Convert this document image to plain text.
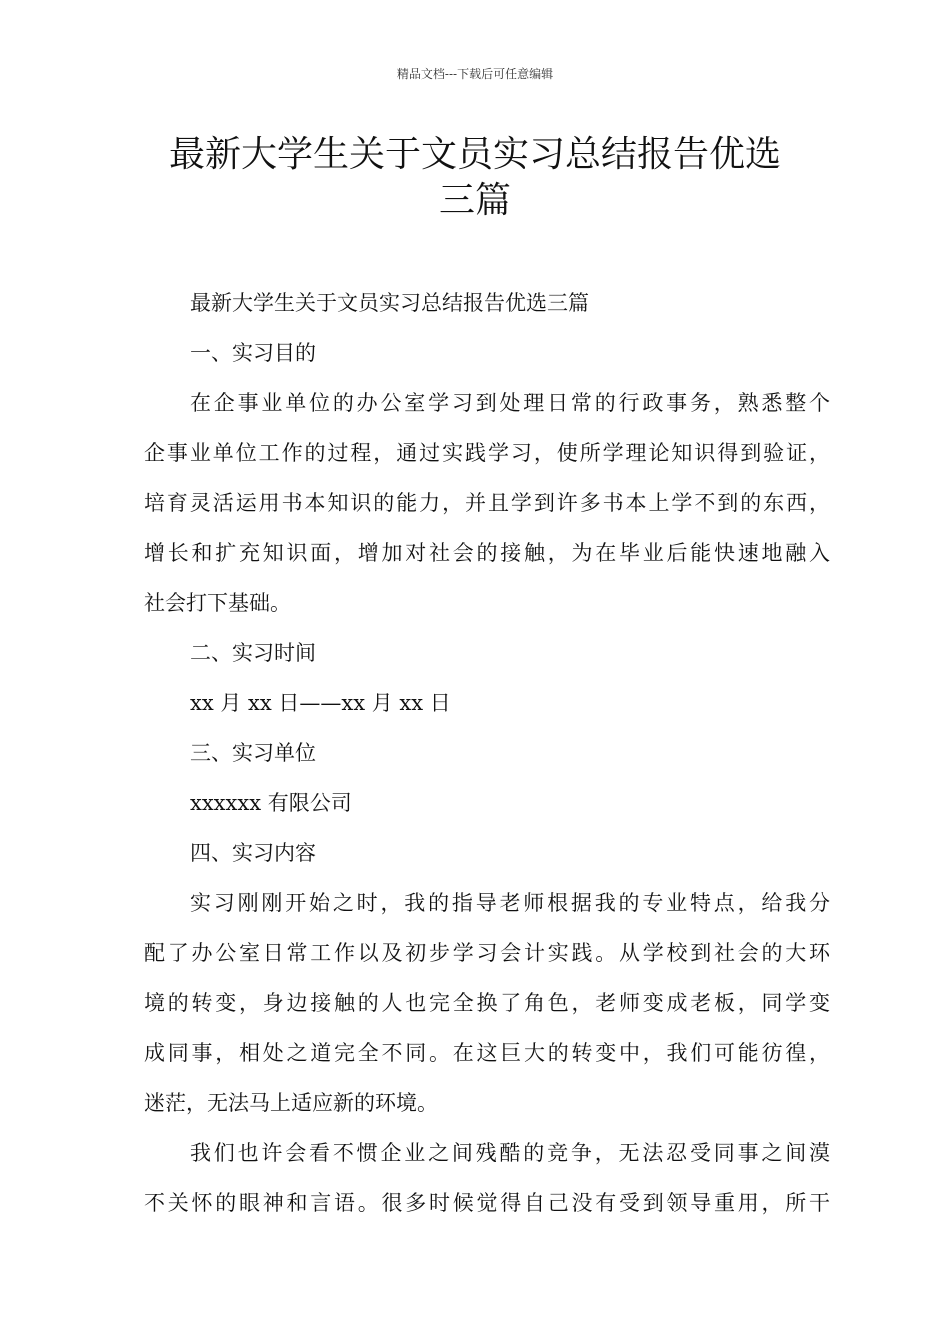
精品文档---下载后可任意编辑
最新大学生关于文员实习总结报告优选
三篇

最新大学生关于文员实习总结报告优选三篇

一、实习目的

在企事业单位的办公室学习到处理日常的行政事务，熟悉整个
企事业单位工作的过程，通过实践学习，使所学理论知识得到验证，
培育灵活运用书本知识的能力，并且学到许多书本上学不到的东西，
增长和扩充知识面，增加对社会的接触，为在毕业后能快速地融入
社会打下基础。

二、实习时间

xx 月 xx 日——xx 月 xx 日

三、实习单位

xxxxxx 有限公司

四、实习内容

实习刚刚开始之时，我的指导老师根据我的专业特点，给我分
配了办公室日常工作以及初步学习会计实践。从学校到社会的大环
境的转变，身边接触的人也完全换了角色，老师变成老板，同学变
成同事，相处之道完全不同。在这巨大的转变中，我们可能彷徨，
迷茫，无法马上适应新的环境。

我们也许会看不惯企业之间残酷的竞争，无法忍受同事之间漠
不关怀的眼神和言语。很多时候觉得自己没有受到领导重用，所干
